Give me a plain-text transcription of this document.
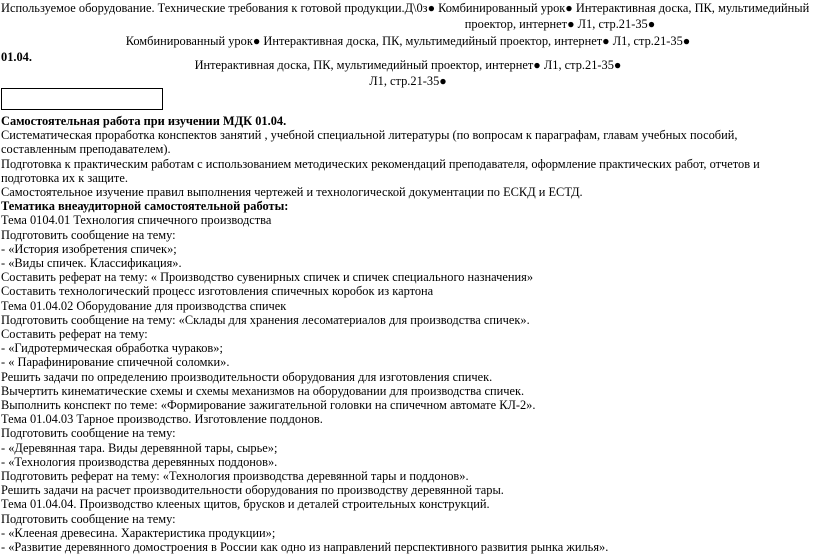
Используемое оборудование. Технические требования к готовой продукции.Д\0з● Комбинированный урок● Интерактивная доска, ПК, мультимедийный
проектор, интернет● Л1, стр.21-35●
Комбинированный урок● Интерактивная доска, ПК, мультимедийный проектор, интернет● Л1, стр.21-35●
01.04.
Интерактивная доска, ПК, мультимедийный проектор, интернет● Л1, стр.21-35●
Л1, стр.21-35●
Самостоятельная работа при изучении МДК 01.04.
Систематическая проработка конспектов занятий , учебной специальной литературы (по вопросам к параграфам, главам учебных пособий,
составленным преподавателем).
Подготовка к практическим работам с использованием методических рекомендаций преподавателя, оформление практических работ, отчетов и
подготовка их к защите.
Самостоятельное изучение правил выполнения чертежей и технологической документации по ЕСКД и ЕСТД.
Тематика внеаудиторной самостоятельной работы:
Тема 0104.01 Технология спичечного производства
Подготовить сообщение на тему:
- «История изобретения спичек»;
- «Виды спичек. Классификация».
Составить реферат на тему: « Производство сувенирных спичек и спичек специального назначения»
Составить технологический процесс изготовления спичечных коробок из картона
Тема 01.04.02 Оборудование для производства спичек
Подготовить сообщение на тему: «Склады для хранения лесоматериалов для производства спичек».
Составить реферат на тему:
- «Гидротермическая обработка чураков»;
- « Парафинирование спичечной соломки».
Решить задачи по определению производительности оборудования для изготовления спичек.
Вычертить кинематические схемы и схемы механизмов на оборудовании для производства спичек.
Выполнить конспект по теме: «Формирование зажигательной головки на спичечном автомате КЛ-2».
Тема 01.04.03 Тарное производство. Изготовление поддонов.
Подготовить сообщение на тему:
- «Деревянная тара. Виды деревянной тары, сырье»;
- «Технология производства деревянных поддонов».
Подготовить реферат на тему: «Технология производства деревянной тары и поддонов».
Решить задачи на расчет производительности оборудования по производству деревянной тары.
Тема 01.04.04. Производство клееных щитов, брусков и деталей строительных конструкций.
Подготовить сообщение на тему:
- «Клееная древесина. Характеристика продукции»;
- «Развитие деревянного домостроения в России как одно из направлений перспективного развития рынка жилья».
